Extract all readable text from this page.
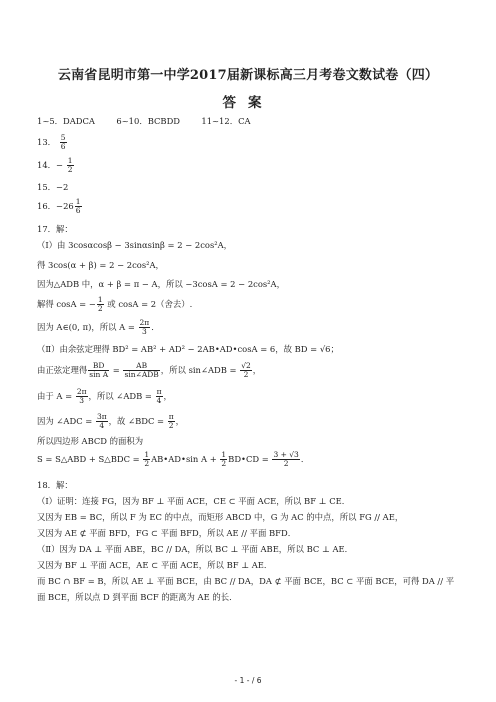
云南省昆明市第一中学2017届新课标高三月考卷文数试卷（四）
答案
1~5．DADCA	6~10．BCBDD	11~12．CA
13． $\frac{5}{6}$
14．− $\frac{1}{2}$
15．−2
16．$-26 \frac{1}{6}$
17．解：
（Ⅰ）由 3cosαcosβ − 3sinαsinβ = 2 − 2cos²A，
得 3cos(α + β) = 2 − 2cos²A，
因为△ADB 中，α + β = π − A，所以 −3cosA = 2 − 2cos²A，
解得 cosA = − $\frac{1}{2}$ 或 cosA = 2（舍去）.
因为 A∈(0, π)，所以 $A = \frac{2\pi}{3}$ ．
（Ⅱ）由余弦定理得 BD² = AB² + AD² − 2AB•AD•cosA = 6，故 BD = √6；
由正弦定理得 $\frac{BD}{\text{sin A}} = \frac{AB}{\text{sin∠ADB}}$ ，所以 sin∠ADB = $\frac{√2}{2}$ ，
由于 $A = \frac{2\pi}{3}$ ，所以 ∠ADB = $\frac{\pi}{4}$ ，
因为 ∠ADC = $\frac{3\pi}{4}$ ，故 ∠BDC = $\frac{\pi}{2}$ ，
所以四边形 ABCD 的面积为
S = S△ABD + S△BDC = $\frac{1}{2}$ AB•AD•sin $A + \frac{1}{2}$ BD•CD = $\frac{3 + √3}{2}$ ．
18．解：
（Ⅰ）证明：连接 FG，因为 BF ⊥ 平面 ACE，CE ⊂ 平面 ACE，所以 BF ⊥ CE．
又因为 EB = BC，所以 F 为 EC 的中点，而矩形 ABCD 中，G 为 AC 的中点，所以 FG // AE，
又因为 AE ⊄ 平面 BFD，FG ⊂ 平面 BFD，所以 AE // 平面 BFD．
（Ⅱ）因为 DA ⊥ 平面 ABE，BC // DA，所以 BC ⊥ 平面 ABE，所以 BC ⊥ AE．
又因为 BF ⊥ 平面 ACE，AE ⊂ 平面 ACE，所以 BF ⊥ AE．
而 BC ∩ BF = B，所以 AE ⊥ 平面 BCE，由 BC // DA，DA ⊄ 平面 BCE，BC ⊂ 平面 BCE，可得 DA // 平
面 BCE，所以点 D 到平面 BCF 的距离为 AE 的长．
- 1 - / 6
